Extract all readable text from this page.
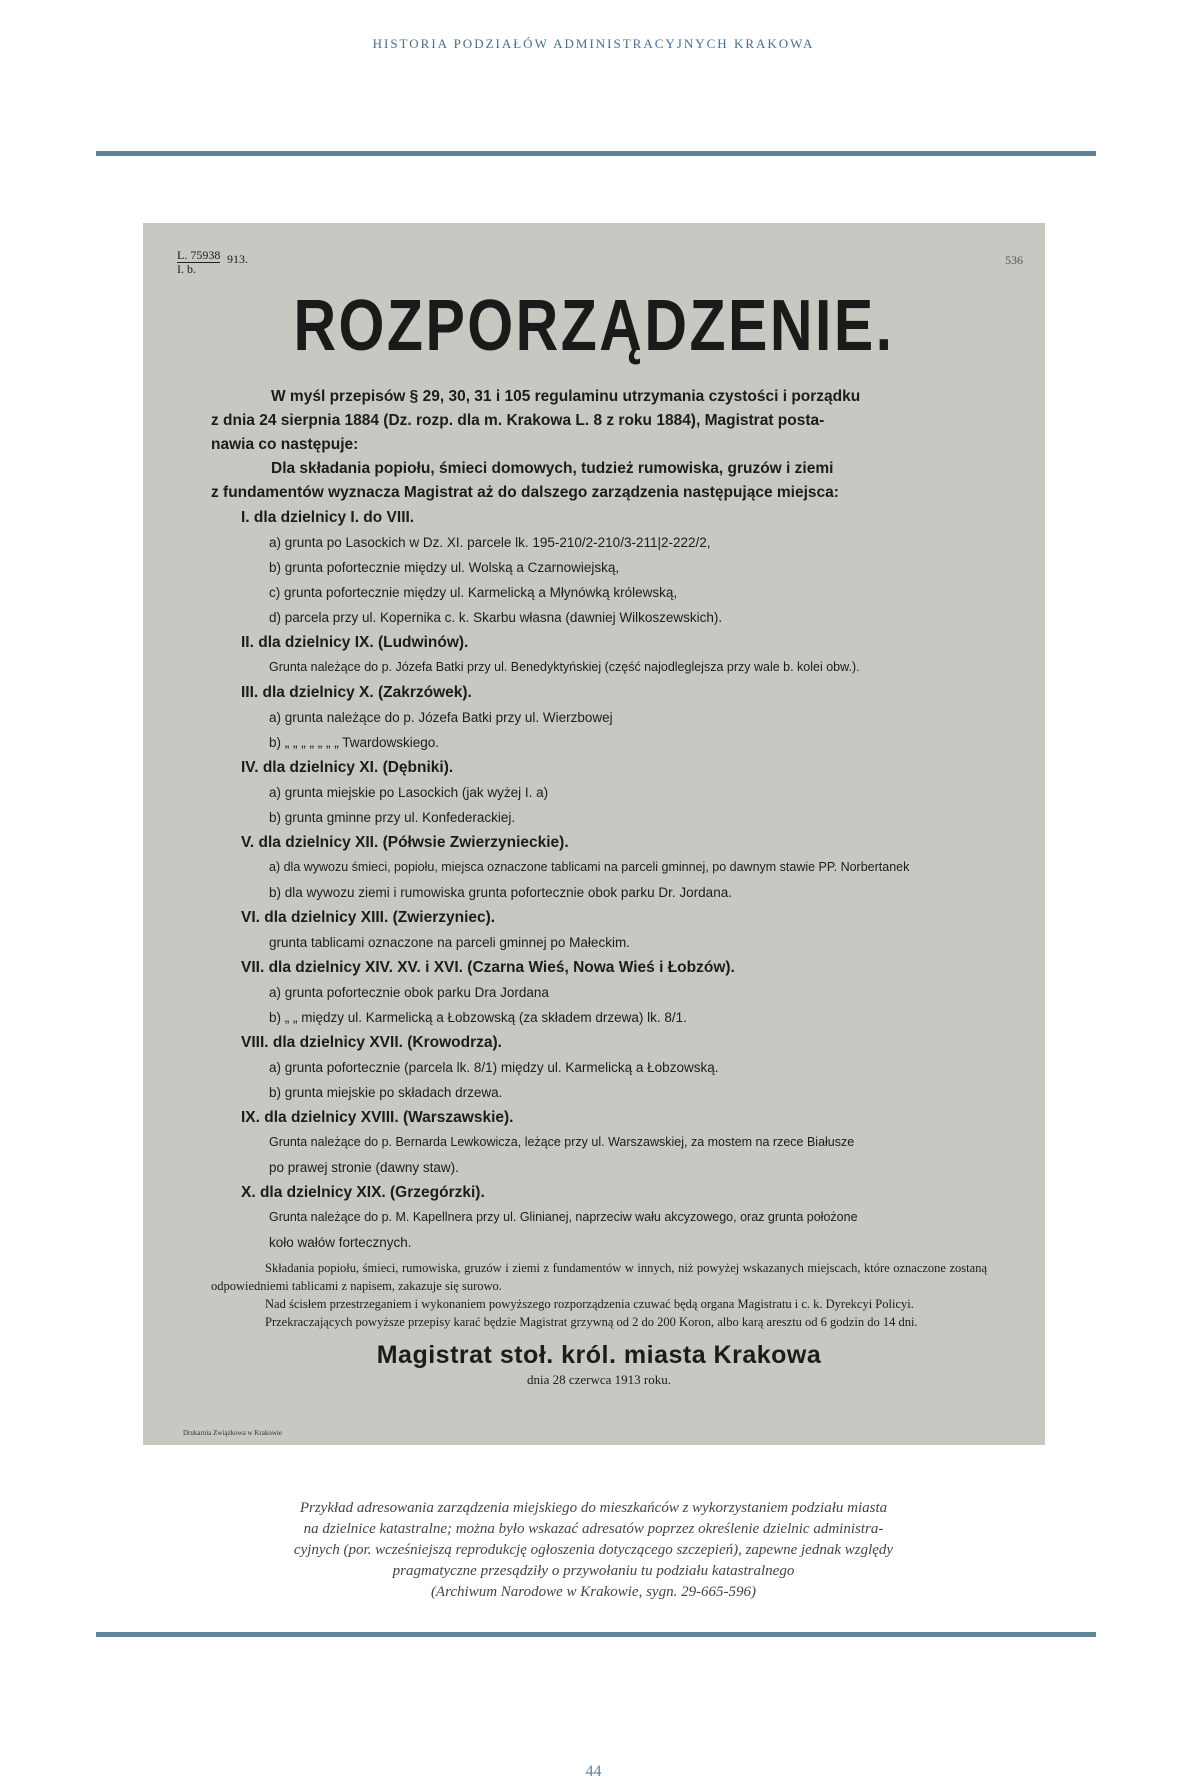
HISTORIA PODZIAŁÓW ADMINISTRACYJNYCH KRAKOWA
L. 75938
I. b.
913.	536
ROZPORZĄDZENIE.
W myśl przepisów § 29, 30, 31 i 105 regulaminu utrzymania czystości i porządku
z dnia 24 sierpnia 1884 (Dz. rozp. dla m. Krakowa L. 8 z roku 1884), Magistrat posta-
nawia co następuje:
Dla składania popiołu, śmieci domowych, tudzież rumowiska, gruzów i ziemi
z fundamentów wyznacza Magistrat aż do dalszego zarządzenia następujące miejsca:
I. dla dzielnicy I. do VIII.
a) grunta po Lasockich w Dz. XI. parcele lk. 195-210/2-210/3-211|2-222/2,
b) grunta pofortecznie między ul. Wolską a Czarnowiejską,
c) grunta pofortecznie między ul. Karmelicką a Młynówką królewską,
d) parcela przy ul. Kopernika c. k. Skarbu własna (dawniej Wilkoszewskich).
II. dla dzielnicy IX. (Ludwinów).
Grunta należące do p. Józefa Batki przy ul. Benedyktyńskiej (część najodleglejsza przy wale b. kolei obw.).
III. dla dzielnicy X. (Zakrzówek).
a) grunta należące do p. Józefa Batki przy ul. Wierzbowej
b) „ „ „ „ „ „ „ Twardowskiego.
IV. dla dzielnicy XI. (Dębniki).
a) grunta miejskie po Lasockich (jak wyżej I. a)
b) grunta gminne przy ul. Konfederackiej.
V. dla dzielnicy XII. (Półwsie Zwierzynieckie).
a) dla wywozu śmieci, popiołu, miejsca oznaczone tablicami na parceli gminnej, po dawnym stawie PP. Norbertanek
b) dla wywozu ziemi i rumowiska grunta pofortecznie obok parku Dr. Jordana.
VI. dla dzielnicy XIII. (Zwierzyniec).
grunta tablicami oznaczone na parceli gminnej po Małeckim.
VII. dla dzielnicy XIV. XV. i XVI. (Czarna Wieś, Nowa Wieś i Łobzów).
a) grunta pofortecznie obok parku Dra Jordana
b) „ „ między ul. Karmelicką a Łobzowską (za składem drzewa) lk. 8/1.
VIII. dla dzielnicy XVII. (Krowodrza).
a) grunta pofortecznie (parcela lk. 8/1) między ul. Karmelicką a Łobzowską.
b) grunta miejskie po składach drzewa.
IX. dla dzielnicy XVIII. (Warszawskie).
Grunta należące do p. Bernarda Lewkowicza, leżące przy ul. Warszawskiej, za mostem na rzece Białusze
po prawej stronie (dawny staw).
X. dla dzielnicy XIX. (Grzegórzki).
Grunta należące do p. M. Kapellnera przy ul. Glinianej, naprzeciw wału akcyzowego, oraz grunta położone
koło wałów fortecznych.

Składania popiołu, śmieci, rumowiska, gruzów i ziemi z fundamentów w innych, niż powyżej wskazanych miejscach, które oznaczone zostaną odpowiedniemi tablicami z napisem, zakazuje się surowo.

Nad ścisłem przestrzeganiem i wykonaniem powyższego rozporządzenia czuwać będą organa Magistratu i c. k. Dyrekcyi Policyi.

Przekraczających powyższe przepisy karać będzie Magistrat grzywną od 2 do 200 Koron, albo karą aresztu od 6 godzin do 14 dni.

Magistrat stoł. król. miasta Krakowa
dnia 28 czerwca 1913 roku.
Drukarnia Związkowa w Krakowie
Przykład adresowania zarządzenia miejskiego do mieszkańców z wykorzystaniem podziału miasta
na dzielnice katastralne; można było wskazać adresatów poprzez określenie dzielnic administra-
cyjnych (por. wcześniejszą reprodukcję ogłoszenia dotyczącego szczepień), zapewne jednak względy
pragmatyczne przesądziły o przywołaniu tu podziału katastralnego
(Archiwum Narodowe w Krakowie, sygn. 29-665-596)
44
